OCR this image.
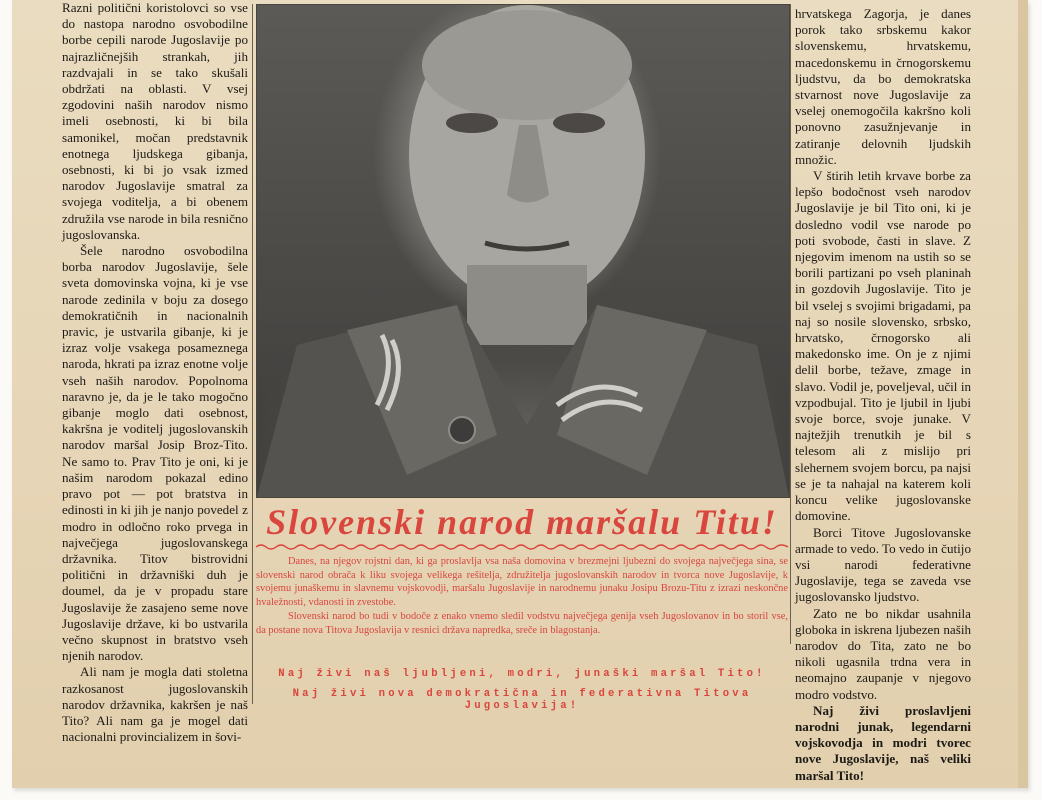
Razni politični koristolovci so vse do nastopa narodno osvobodilne borbe cepili narode Jugoslavije po najrazličnejših strankah, jih razdvajali in se tako skušali obdržati na oblasti. V vsej zgodovini naših narodov nismo imeli osebnosti, ki bi bila samonikel, močan predstavnik enotnega ljudskega gibanja, osebnosti, ki bi jo vsak izmed narodov Jugoslavije smatral za svojega voditelja, a bi obenem združila vse narode in bila resnično jugoslovanska.

Šele narodno osvobodilna borba narodov Jugoslavije, šele sveta domovinska vojna, ki je vse narode zedinila v boju za dosego demokratičnih in nacionalnih pravic, je ustvarila gibanje, ki je izraz volje vsakega posameznega naroda, hkrati pa izraz enotne volje vseh naših narodov. Popolnoma naravno je, da je le tako mogočno gibanje moglo dati osebnost, kakršna je voditelj jugoslovanskih narodov maršal Josip Broz-Tito. Ne samo to. Prav Tito je oni, ki je našim narodom pokazal edino pravo pot — pot bratstva in edinosti in ki jih je nanjo povedel z modro in odločno roko prvega in največjega jugoslovanskega državnika. Titov bistrovidni politični in državniški duh je doumel, da je v propadu stare Jugoslavije že zasajeno seme nove Jugoslavije države, ki bo ustvarila večno skupnost in bratstvo vseh njenih narodov.

Ali nam je mogla dati stoletna razkosanost jugoslovanskih narodov državnika, kakršen je naš Tito? Ali nam ga je mogel dati nacionalni provincializem in šovi-

Slovenski narod maršalu Titu!

Danes, na njegov rojstni dan, ki ga proslavlja vsa naša domovina v brezmejni ljubezni do svojega največjega sina, se slovenski narod obrača k liku svojega velikega rešitelja, združitelja jugoslovanskih narodov in tvorca nove Jugoslavije, k svojemu junaškemu in slavnemu vojskovodji, maršalu Jugoslavije in narodnemu junaku Josipu Brozu-Titu z izrazi neskončne hvaležnosti, vdanosti in zvestobe.

Slovenski narod bo tudi v bodoče z enako vnemo sledil vodstvu največjega genija vseh Jugoslovanov in bo storil vse, da postane nova Titova Jugoslavija v resnici država napredka, sreče in blagostanja.

Naj živi naš ljubljeni, modri, junaški maršal Tito!
Naj živi nova demokratična in federativna Titova Jugoslavija!

hrvatskega Zagorja, je danes porok tako srbskemu kakor slovenskemu, hrvatskemu, macedonskemu in črnogorskemu ljudstvu, da bo demokratska stvarnost nove Jugoslavije za vselej onemogočila kakršno koli ponovno zasužnjevanje in zatiranje delovnih ljudskih množic.

V štirih letih krvave borbe za lepšo bodočnost vseh narodov Jugoslavije je bil Tito oni, ki je dosledno vodil vse narode po poti svobode, časti in slave. Z njegovim imenom na ustih so se borili partizani po vseh planinah in gozdovih Jugoslavije. Tito je bil vselej s svojimi brigadami, pa naj so nosile slovensko, srbsko, hrvatsko, črnogorsko ali makedonsko ime. On je z njimi delil borbe, težave, zmage in slavo. Vodil je, poveljeval, učil in vzpodbujal. Tito je ljubil in ljubi svoje borce, svoje junake. V najtežjih trenutkih je bil s telesom ali z mislijo pri slehernem svojem borcu, pa najsi se je ta nahajal na katerem koli koncu velike jugoslovanske domovine.

Borci Titove Jugoslovanske armade to vedo. To vedo in čutijo vsi narodi federativne Jugoslavije, tega se zaveda vse jugoslovansko ljudstvo.

Zato ne bo nikdar usahnila globoka in iskrena ljubezen naših narodov do Tita, zato ne bo nikoli ugasnila trdna vera in neomajno zaupanje v njegovo modro vodstvo.

Naj živi proslavljeni narodni junak, legendarni vojskovodja in modri tvorec nove Jugoslavije, naš veliki maršal Tito!
